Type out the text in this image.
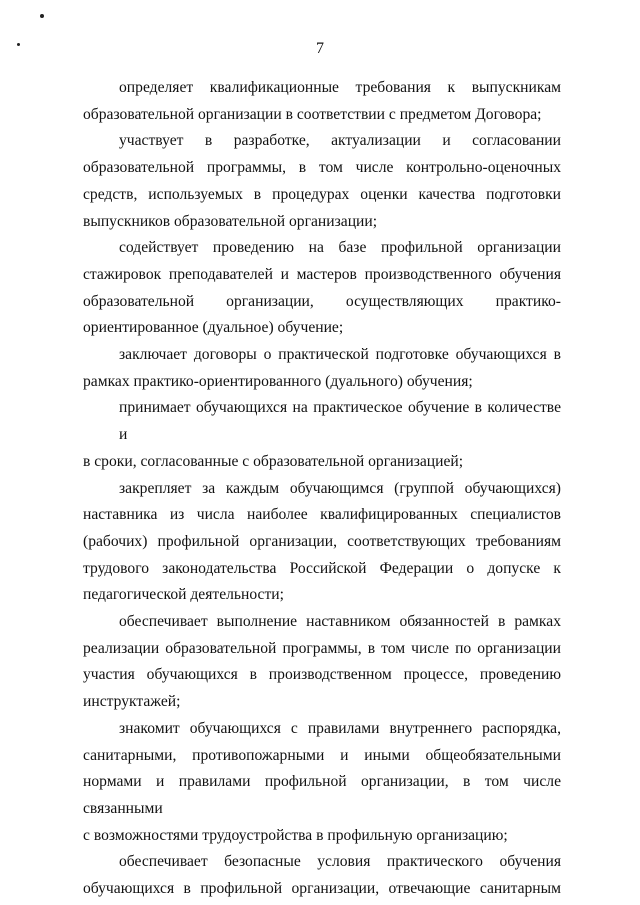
7
определяет квалификационные требования к выпускникам
образовательной организации в соответствии с предметом Договора;
участвует в разработке, актуализации и согласовании
образовательной программы, в том числе контрольно-оценочных
средств, используемых в процедурах оценки качества подготовки
выпускников образовательной организации;
содействует проведению на базе профильной организации
стажировок преподавателей и мастеров производственного обучения
образовательной организации, осуществляющих практико-
ориентированное (дуальное) обучение;
заключает договоры о практической подготовке обучающихся в
рамках практико-ориентированного (дуального) обучения;
принимает обучающихся на практическое обучение в количестве и
в сроки, согласованные с образовательной организацией;
закрепляет за каждым обучающимся (группой обучающихся)
наставника из числа наиболее квалифицированных специалистов
(рабочих) профильной организации, соответствующих требованиям
трудового законодательства Российской Федерации о допуске к
педагогической деятельности;
обеспечивает выполнение наставником обязанностей в рамках
реализации образовательной программы, в том числе по организации
участия обучающихся в производственном процессе, проведению
инструктажей;
знакомит обучающихся с правилами внутреннего распорядка,
санитарными, противопожарными и иными общеобязательными
нормами и правилами профильной организации, в том числе связанными
с возможностями трудоустройства в профильную организацию;
обеспечивает безопасные условия практического обучения
обучающихся в профильной организации, отвечающие санитарным
